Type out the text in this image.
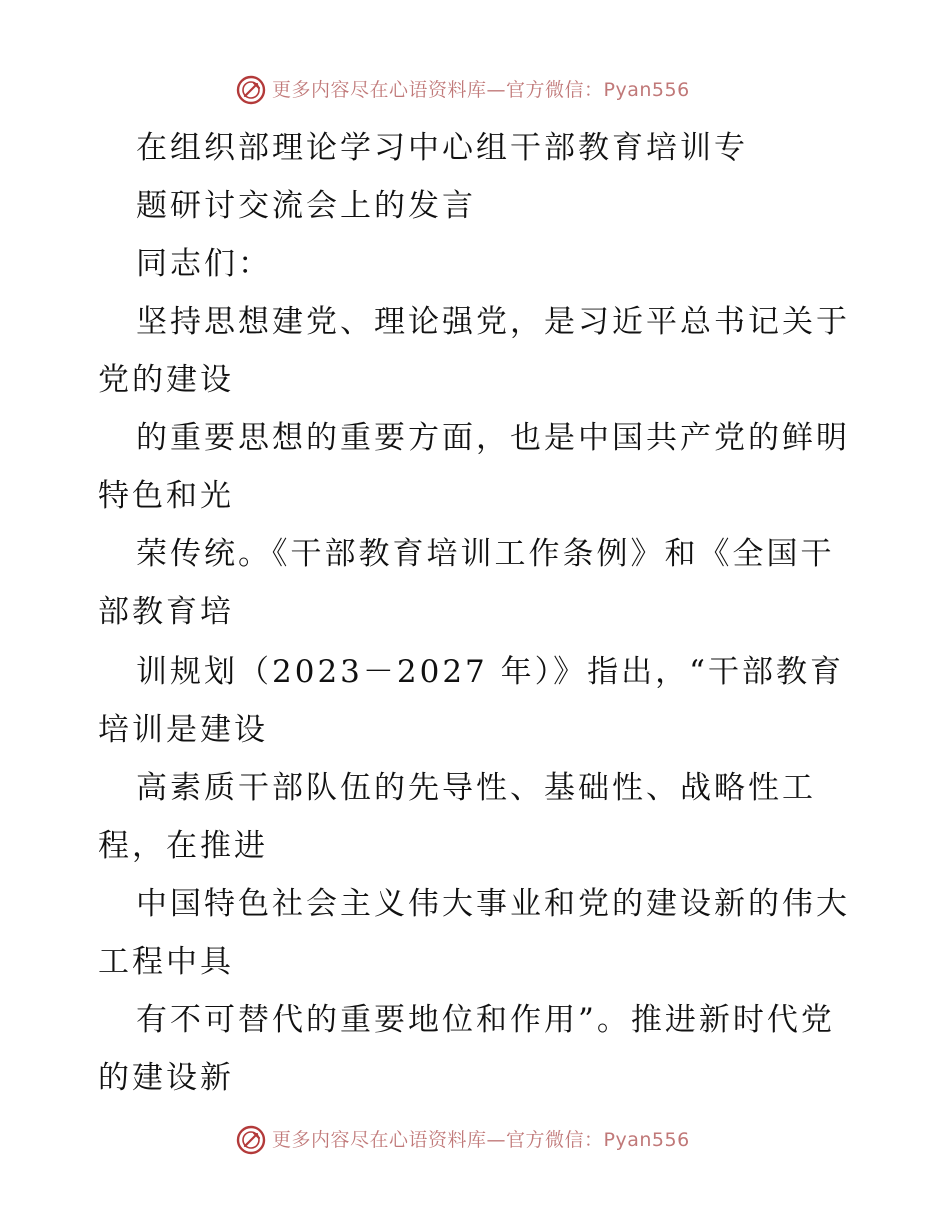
更多内容尽在心语资料库—官方微信：Pyan556
在组织部理论学习中心组干部教育培训专
题研讨交流会上的发言
同志们：
坚持思想建党、理论强党，是习近平总书记关于
党的建设
的重要思想的重要方面，也是中国共产党的鲜明
特色和光
荣传统。《干部教育培训工作条例》和《全国干
部教育培
训规划（2023－2027 年）》指出，“干部教育
培训是建设
高素质干部队伍的先导性、基础性、战略性工
程，在推进
中国特色社会主义伟大事业和党的建设新的伟大
工程中具
有不可替代的重要地位和作用”。推进新时代党
的建设新
更多内容尽在心语资料库—官方微信：Pyan556
